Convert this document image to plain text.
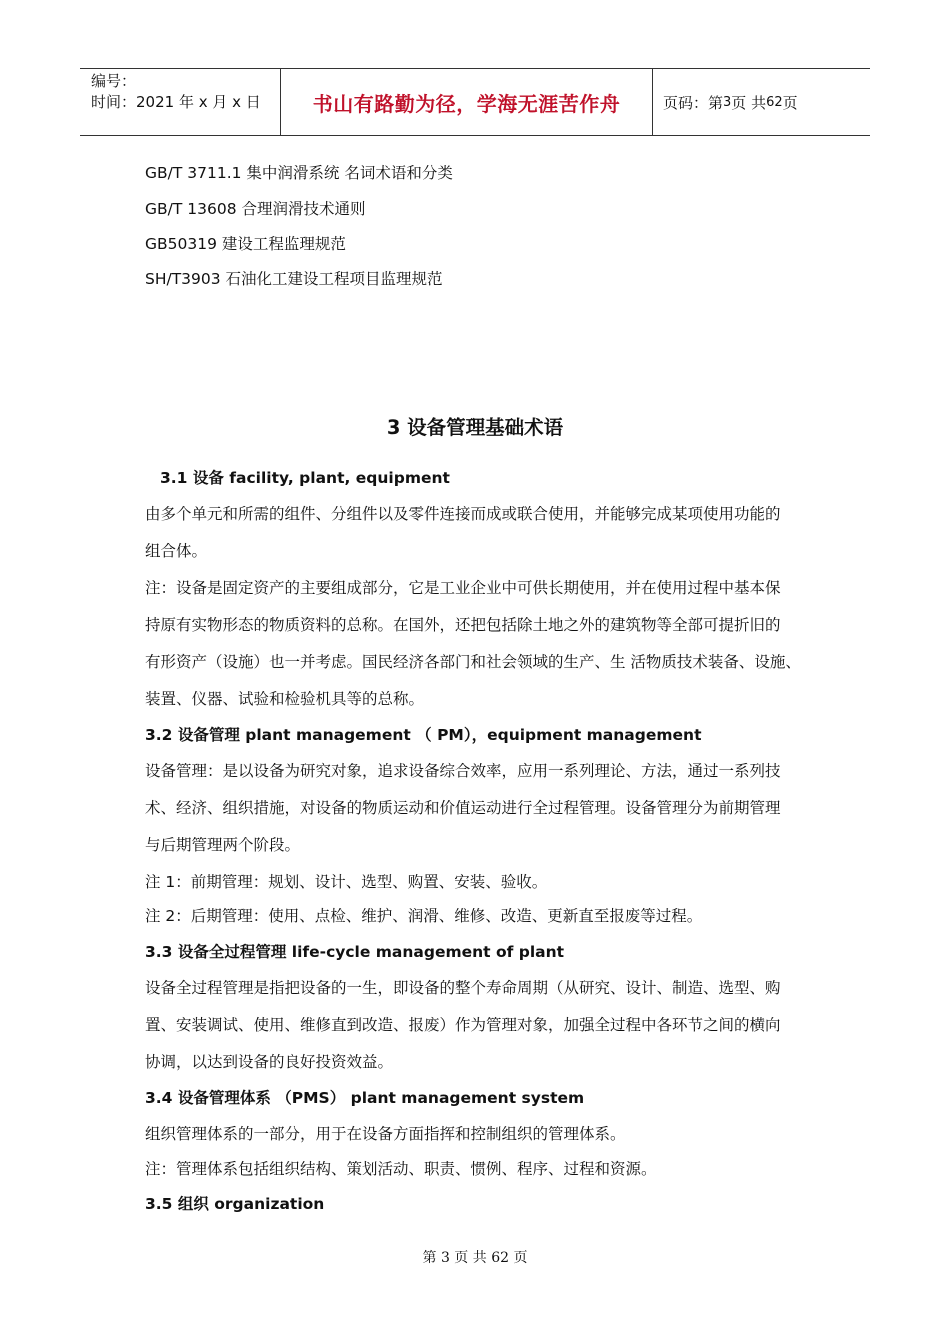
编号：
时间：2021 年 x 月 x 日	书山有路勤为径，学海无涯苦作舟	页码：第 3 页 共 62 页
GB/T 3711.1 集中润滑系统 名词术语和分类
GB/T 13608 合理润滑技术通则
GB50319 建设工程监理规范
SH/T3903 石油化工建设工程项目监理规范
3 设备管理基础术语
3.1 设备 facility, plant, equipment
由多个单元和所需的组件、分组件以及零件连接而成或联合使用，并能够完成某项使用功能的
组合体。
注：设备是固定资产的主要组成部分，它是工业企业中可供长期使用，并在使用过程中基本保
持原有实物形态的物质资料的总称。在国外，还把包括除土地之外的建筑物等全部可提折旧的
有形资产（设施）也一并考虑。国民经济各部门和社会领域的生产、生 活物质技术装备、设施、
装置、仪器、试验和检验机具等的总称。
3.2 设备管理 plant management （ PM），equipment management
设备管理：是以设备为研究对象，追求设备综合效率，应用一系列理论、方法，通过一系列技
术、经济、组织措施，对设备的物质运动和价值运动进行全过程管理。设备管理分为前期管理
与后期管理两个阶段。
注 1：前期管理：规划、设计、选型、购置、安装、验收。
注 2：后期管理：使用、点检、维护、润滑、维修、改造、更新直至报废等过程。
3.3 设备全过程管理 life-cycle management of plant
设备全过程管理是指把设备的一生，即设备的整个寿命周期（从研究、设计、制造、选型、购
置、安装调试、使用、维修直到改造、报废）作为管理对象，加强全过程中各环节之间的横向
协调，以达到设备的良好投资效益。
3.4 设备管理体系 （PMS） plant management system
组织管理体系的一部分，用于在设备方面指挥和控制组织的管理体系。
注：管理体系包括组织结构、策划活动、职责、惯例、程序、过程和资源。
3.5 组织 organization
第 3 页 共 62 页
